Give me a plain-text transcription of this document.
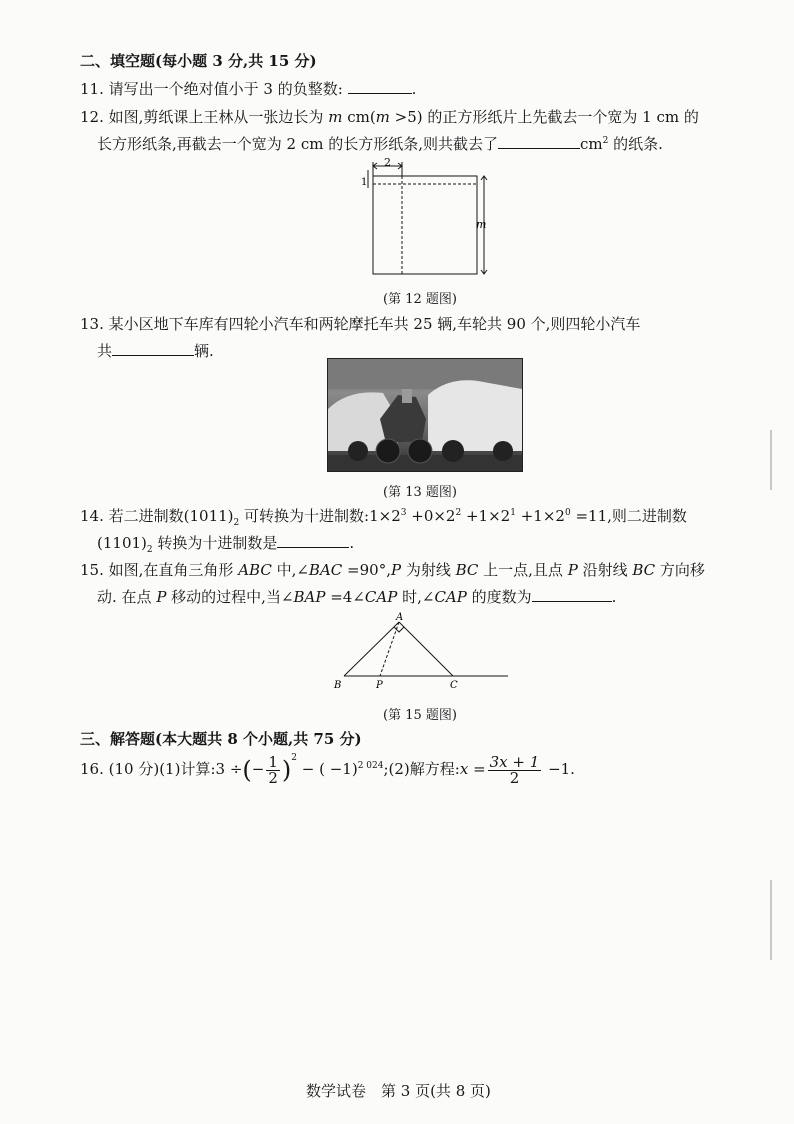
二、填空题(每小题 3 分,共 15 分)
11. 请写出一个绝对值小于 3 的负整数:	.
12. 如图,剪纸课上王林从一张边长为 m cm(m >5) 的正方形纸片上先截去一个宽为 1 cm 的
长方形纸条,再截去一个宽为 2 cm 的长方形纸条,则共截去了	$cm^2$ 的纸条.
2
1
m
(第 12 题图)
13. 某小区地下车库有四轮小汽车和两轮摩托车共 25 辆,车轮共 90 个,则四轮小汽车
共	辆.
(第 13 题图)
14. 若二进制数$(1011)_2$ 可转换为十进制数$:1\times 2^3 +0\times 2^2 +1\times 2^1 +1\times 2^0 =11$,则二进制数
$(1101)_2$ 转换为十进制数是	.
15. 如图,在直角三角形 ABC 中,∠BAC =90°,P 为射线 BC 上一点,且点 P 沿射线 BC 方向移
动. 在点 P 移动的过程中,当∠BAP =4∠CAP 时,∠CAP 的度数为	.
A
B	P	C
(第 15 题图)
三、解答题(本大题共 8 个小题,共 75 分)
16. (10 分)(1)计算:3 ÷(− $\frac{1}{2} )^2$ − ( −1)$^{2 024}$;(2)解方程:x = $\frac{3x + 1}{2} -1$.
数学试卷　第 3 页(共 8 页)
